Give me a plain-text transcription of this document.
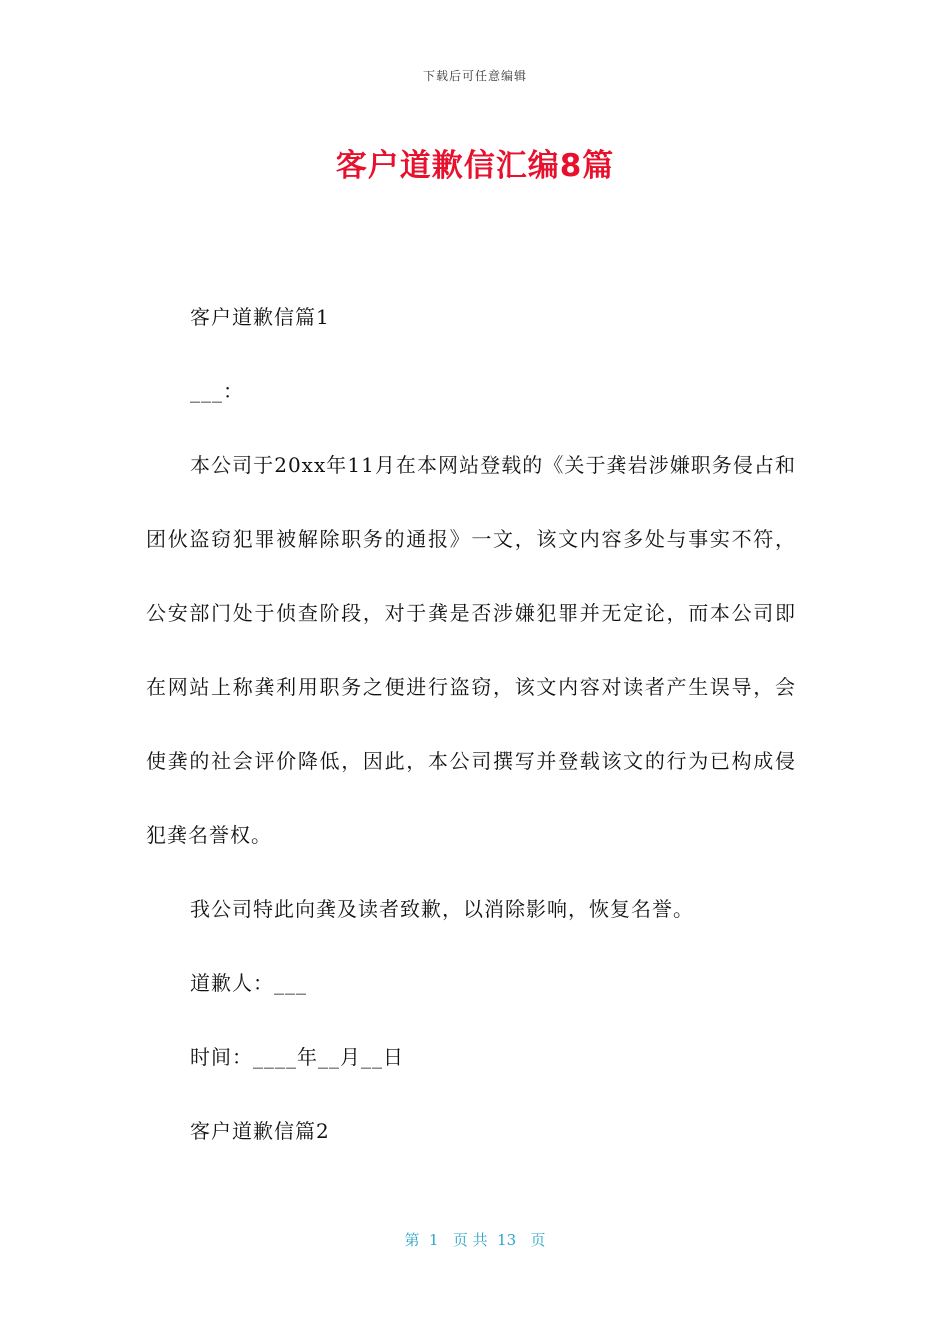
下载后可任意编辑
客户道歉信汇编8篇

客户道歉信篇1

___：

本公司于20xx年11月在本网站登载的《关于龚岩涉嫌职务侵占和团伙盗窃犯罪被解除职务的通报》一文，该文内容多处与事实不符，公安部门处于侦查阶段，对于龚是否涉嫌犯罪并无定论，而本公司即在网站上称龚利用职务之便进行盗窃，该文内容对读者产生误导，会使龚的社会评价降低，因此，本公司撰写并登载该文的行为已构成侵犯龚名誉权。

我公司特此向龚及读者致歉，以消除影响，恢复名誉。

道歉人：___

时间：____年__月__日

客户道歉信篇2

第  1   页 共  13   页
